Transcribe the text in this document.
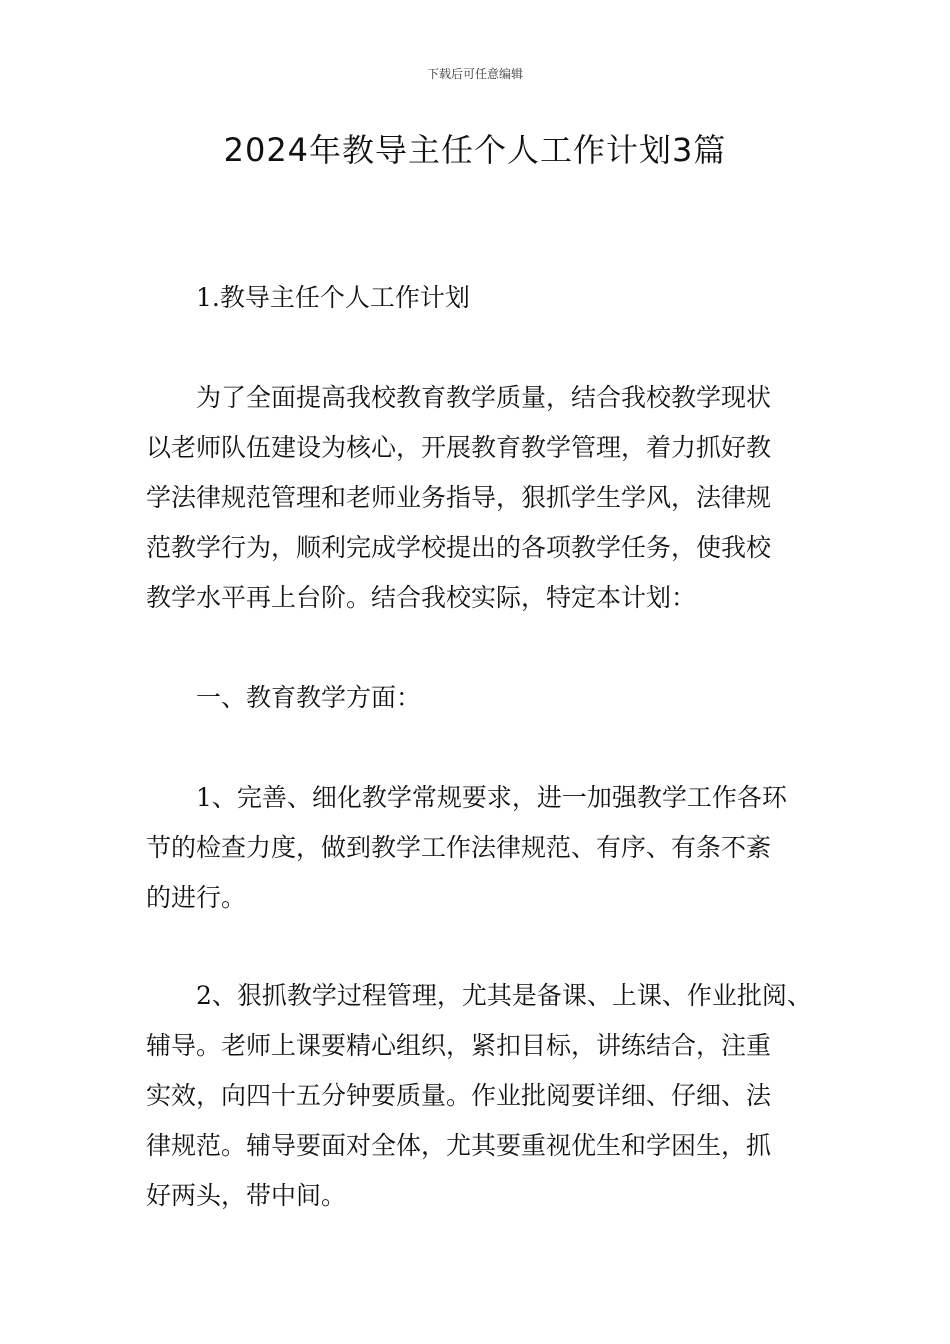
下载后可任意编辑
2024年教导主任个人工作计划3篇

1.教导主任个人工作计划

为了全面提高我校教育教学质量，结合我校教学现状
以老师队伍建设为核心，开展教育教学管理，着力抓好教
学法律规范管理和老师业务指导，狠抓学生学风，法律规
范教学行为，顺利完成学校提出的各项教学任务，使我校
教学水平再上台阶。结合我校实际，特定本计划：
一、教育教学方面：
1、完善、细化教学常规要求，进一加强教学工作各环
节的检查力度，做到教学工作法律规范、有序、有条不紊
的进行。
2、狠抓教学过程管理，尤其是备课、上课、作业批阅、
辅导。老师上课要精心组织，紧扣目标，讲练结合，注重
实效，向四十五分钟要质量。作业批阅要详细、仔细、法
律规范。辅导要面对全体，尤其要重视优生和学困生，抓
好两头，带中间。
